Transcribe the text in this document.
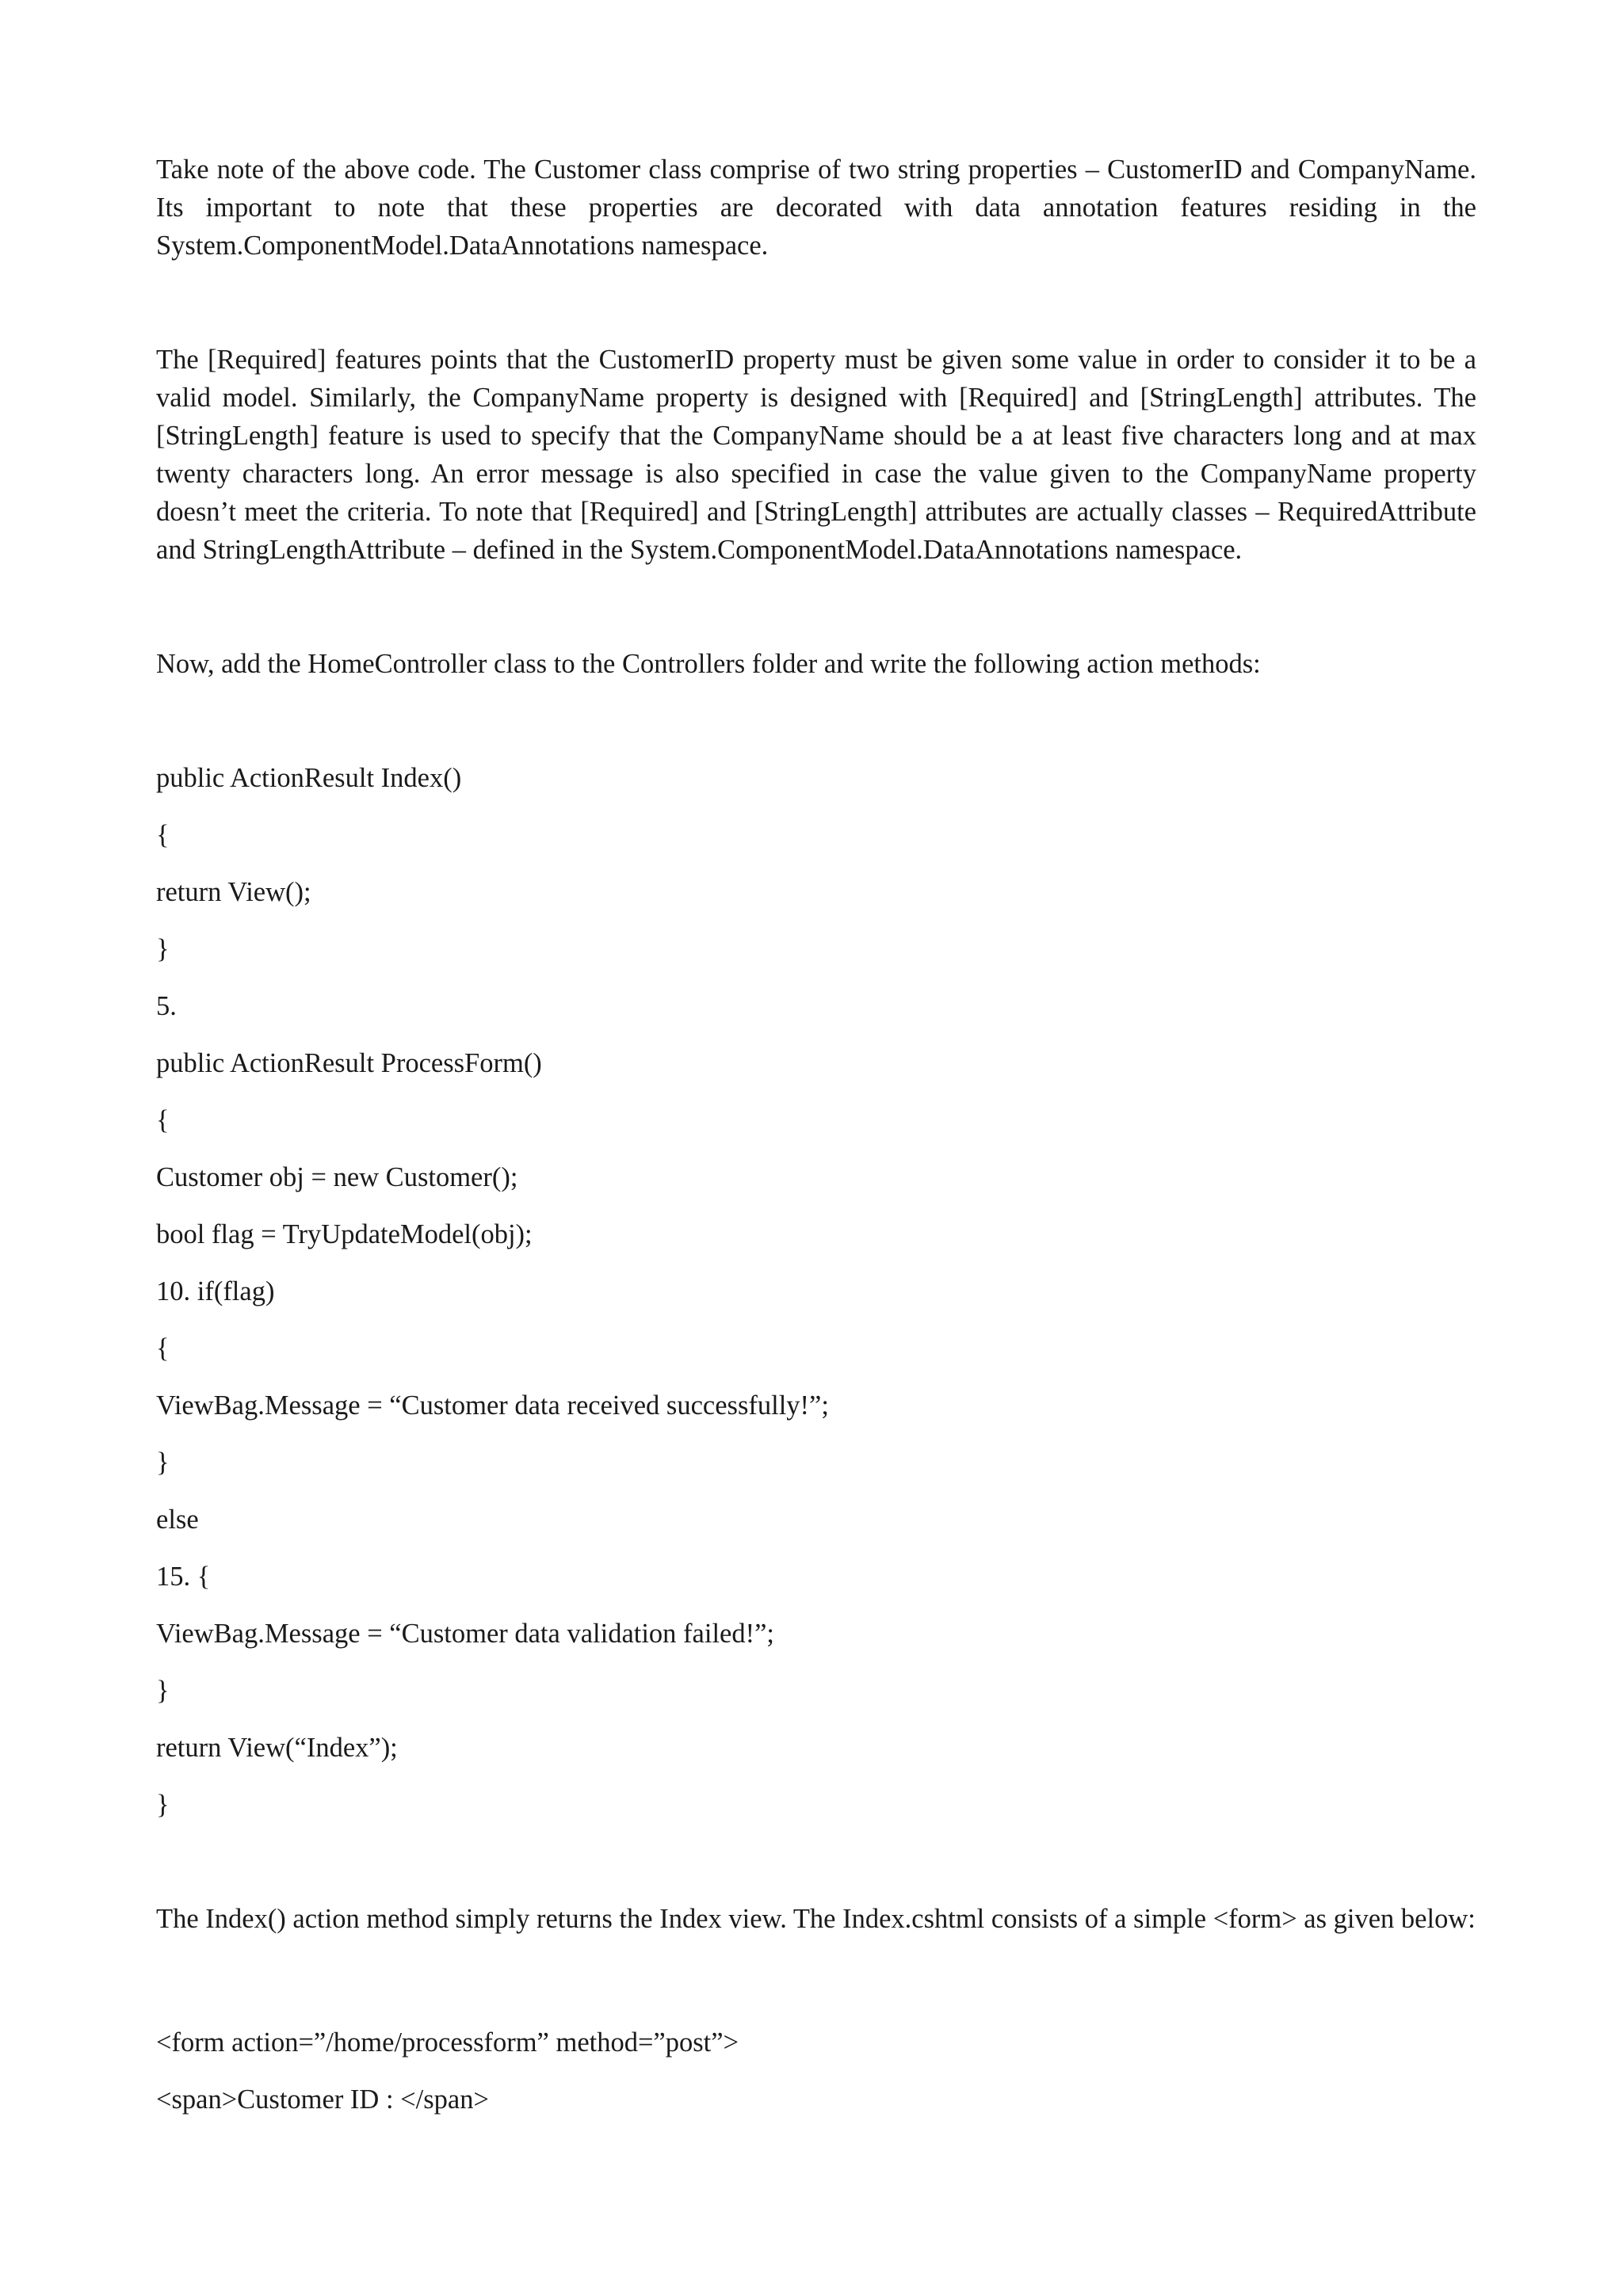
Take note of the above code. The Customer class comprise of two string properties – CustomerID and CompanyName. Its important to note that these properties are decorated with data annotation features residing in the System.ComponentModel.DataAnnotations namespace.

The [Required] features points that the CustomerID property must be given some value in order to consider it to be a valid model. Similarly, the CompanyName property is designed with [Required] and [StringLength] attributes. The [StringLength] feature is used to specify that the CompanyName should be a at least five characters long and at max twenty characters long. An error message is also specified in case the value given to the CompanyName property doesn’t meet the criteria. To note that [Required] and [StringLength] attributes are actually classes – RequiredAttribute and StringLengthAttribute – defined in the System.ComponentModel.DataAnnotations namespace.

Now, add the HomeController class to the Controllers folder and write the following action methods:

public ActionResult Index()
{
return View();
}
5.
public ActionResult ProcessForm()
{
Customer obj = new Customer();
bool flag = TryUpdateModel(obj);
10. if(flag)
{
ViewBag.Message = “Customer data received successfully!”;
}
else
15. {
ViewBag.Message = “Customer data validation failed!”;
}
return View(“Index”);
}

The Index() action method simply returns the Index view. The Index.cshtml consists of a simple <form> as given below:

<form action=”/home/processform” method=”post”>
<span>Customer ID : </span>
